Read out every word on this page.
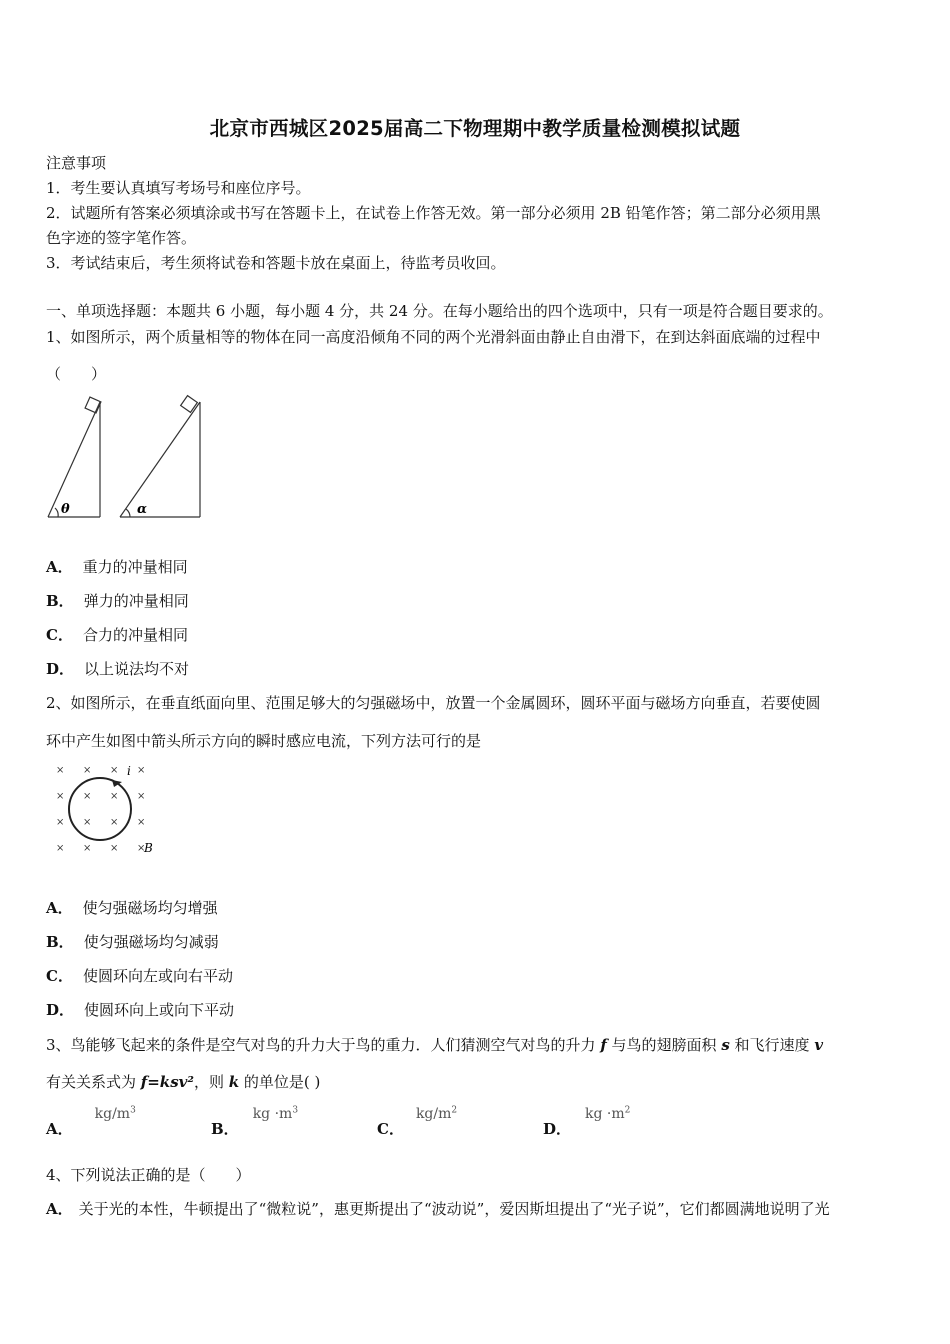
北京市西城区2025届高二下物理期中教学质量检测模拟试题
注意事项
1．考生要认真填写考场号和座位序号。
2．试题所有答案必须填涂或书写在答题卡上，在试卷上作答无效。第一部分必须用 2B 铅笔作答；第二部分必须用黑
色字迹的签字笔作答。
3．考试结束后，考生须将试卷和答题卡放在桌面上，待监考员收回。
一、单项选择题：本题共 6 小题，每小题 4 分，共 24 分。在每小题给出的四个选项中，只有一项是符合题目要求的。
1、如图所示，两个质量相等的物体在同一高度沿倾角不同的两个光滑斜面由静止自由滑下，在到达斜面底端的过程中
（　　）
θ	α
A． 重力的冲量相同
B． 弹力的冲量相同
C． 合力的冲量相同
D． 以上说法均不对
2、如图所示，在垂直纸面向里、范围足够大的匀强磁场中，放置一个金属圆环，圆环平面与磁场方向垂直，若要使圆
环中产生如图中箭头所示方向的瞬时感应电流，下列方法可行的是
× × × ×
× × × ×
× × × ×
× × × ×
i
B
A． 使匀强磁场均匀增强
B． 使匀强磁场均匀减弱
C． 使圆环向左或向右平动
D． 使圆环向上或向下平动
3、鸟能够飞起来的条件是空气对鸟的升力大于鸟的重力．人们猜测空气对鸟的升力 f 与鸟的翅膀面积 s 和飞行速度 v
有关关系式为 f=ksv²，则 k 的单位是( )
A．$kg/m^3$
B．kg $\cdot m^3$
C．$kg/m^2$
D．kg $\cdot m^2$
4、下列说法正确的是（　　）
A． 关于光的本性，牛顿提出了“微粒说”，惠更斯提出了“波动说”，爱因斯坦提出了“光子说”，它们都圆满地说明了光
